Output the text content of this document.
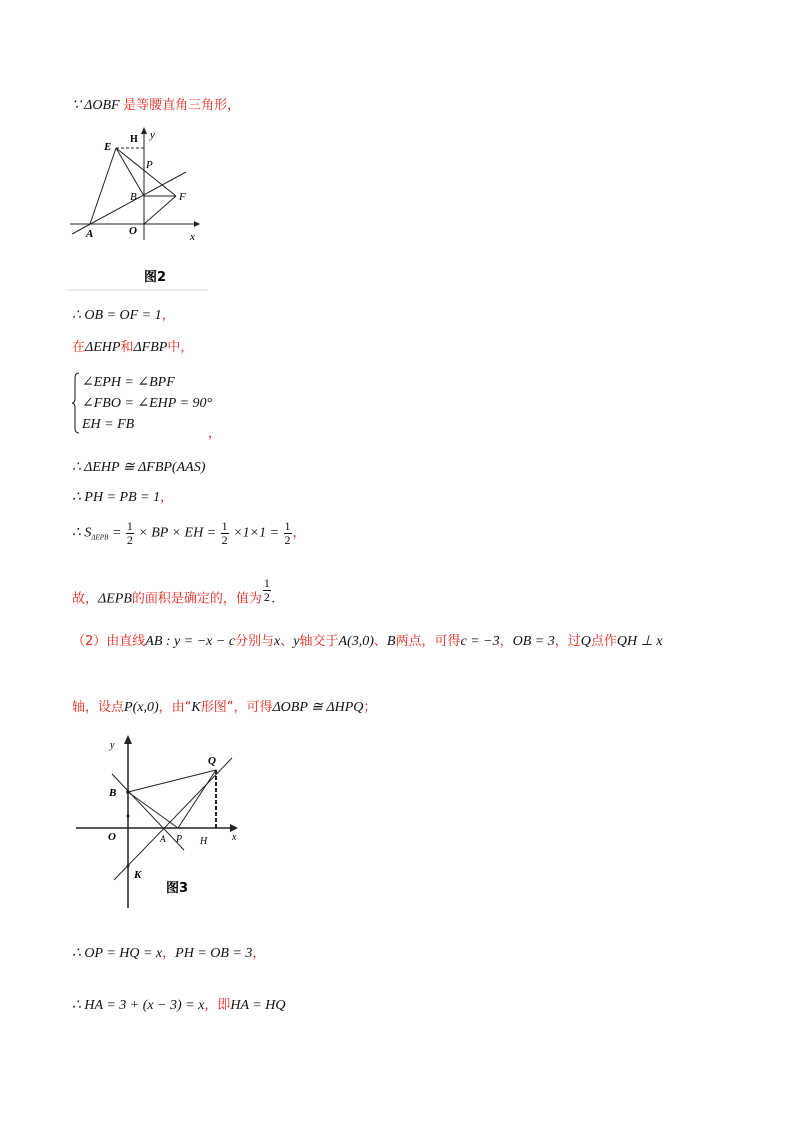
∵ ΔOBF 是等腰直角三角形，
E
H y
P
B	F
A	O	x
图2
∴ OB = OF = 1，
在ΔEHP和ΔFBP中，
∠EPH = ∠BPF
∠FBO = ∠EHP = 90°
EH = FB
，
∴ ΔEHP ≅ ΔFBP(AAS)
∴ PH = PB = 1，
∴ $S_{\Delta EPB} = \frac{1}{2}$ × BP × EH = $\frac{1}{2} \times 1\times 1 = \frac{1}{2}$ ，
故，ΔEPB的面积是确定的，值为 $\frac{1}{2}$ .
（2）由直线AB : y = −x − c分别与x、y轴交于A(3,0)、B两点，可得c = −3，OB = 3，过Q点作QH ⊥ x
轴，设点P(x,0)，由“K形图”，可得ΔOBP ≅ ΔHPQ；
y
Q
B
O	A P H x
K
图3
∴ OP = HQ = x，PH = OB = 3，
∴ HA = 3 + (x − 3) = x，即HA = HQ
